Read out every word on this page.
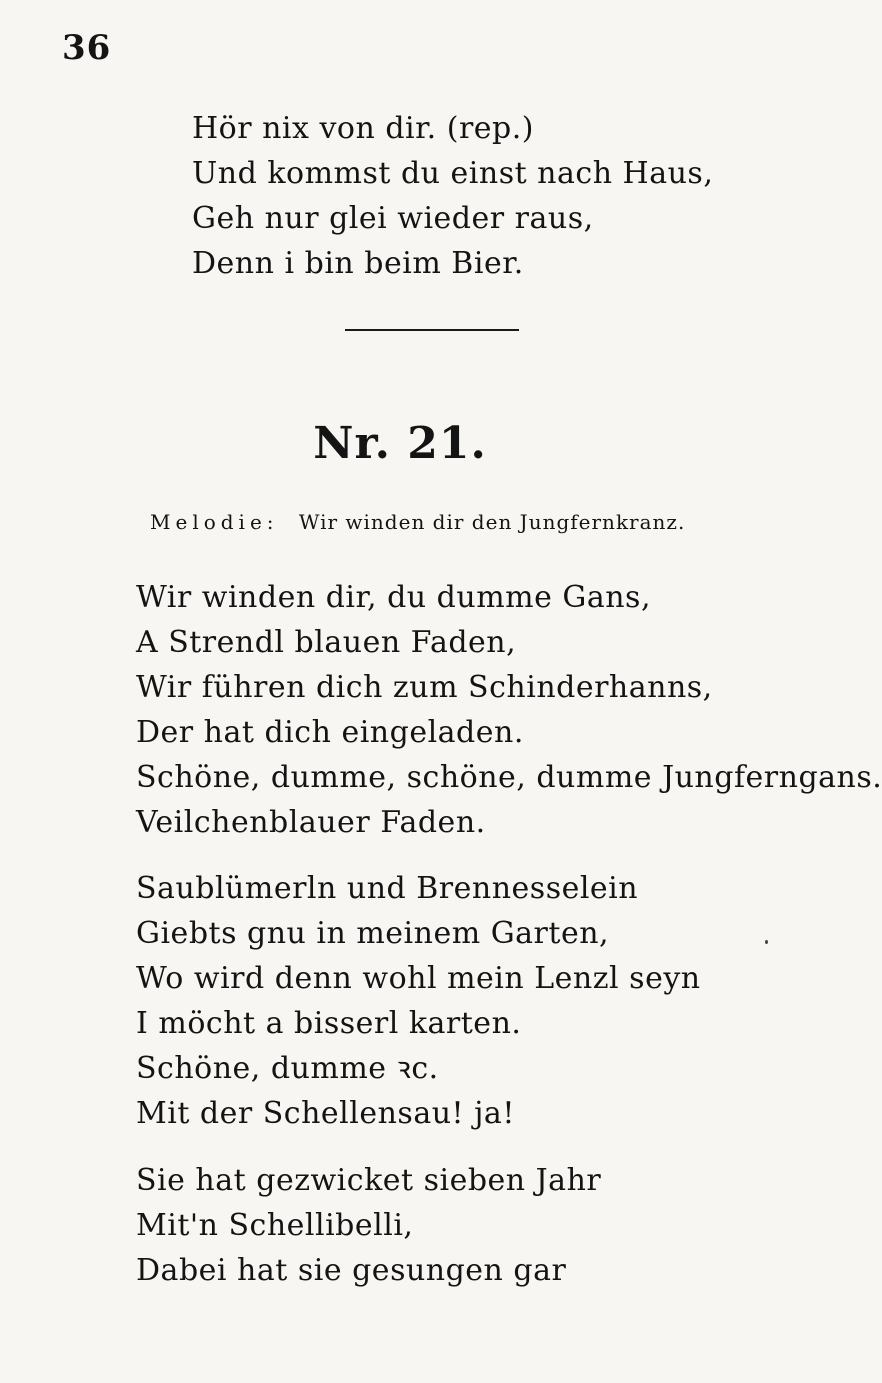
36
Hör nix von dir. (rep.)
Und kommst du einst nach Haus,
Geh nur glei wieder raus,
Denn i bin beim Bier.
Nr. 21.
Melodie: Wir winden dir den Jungfernkranz.
Wir winden dir, du dumme Gans,
A Strendl blauen Faden,
Wir führen dich zum Schinderhanns,
Der hat dich eingeladen.
Schöne, dumme, schöne, dumme Jungferngans.
Veilchenblauer Faden.
Saublümerln und Brennesselein
Giebts gnu in meinem Garten,
Wo wird denn wohl mein Lenzl seyn
I möcht a bisserl karten.
Schöne, dumme ꝛc.
Mit der Schellensau! ja!
Sie hat gezwicket sieben Jahr
Mit'n Schellibelli,
Dabei hat sie gesungen gar
